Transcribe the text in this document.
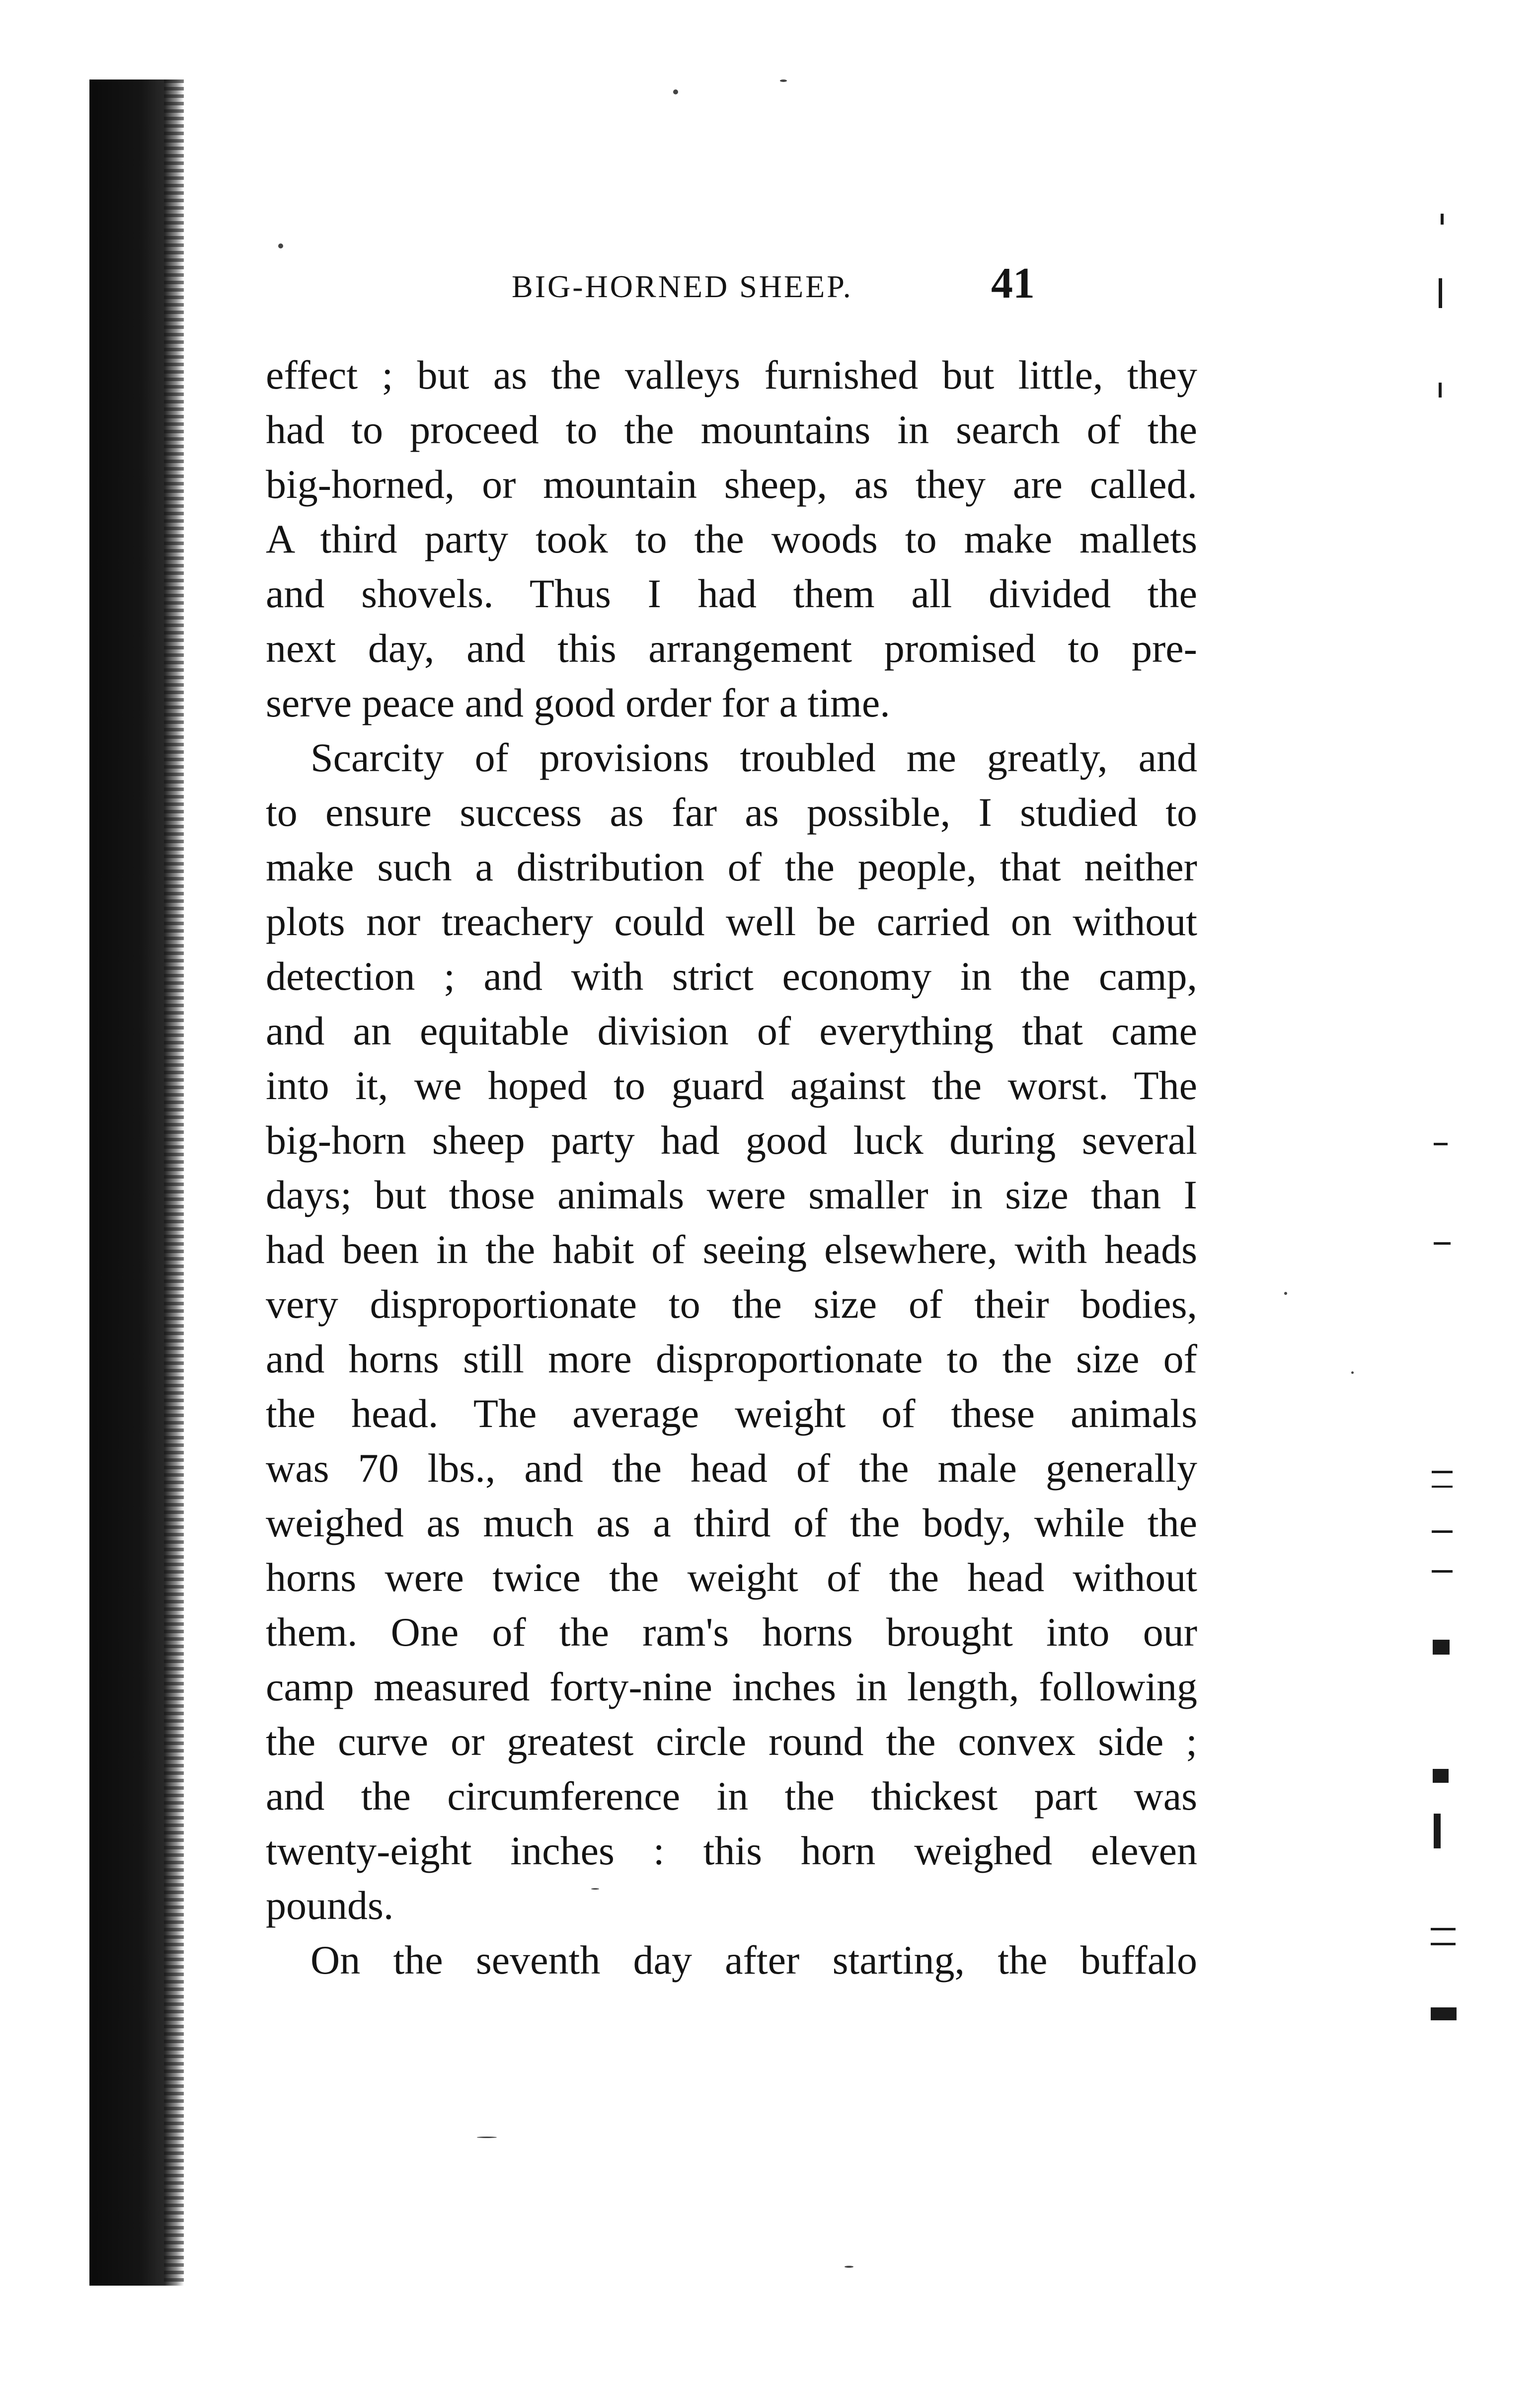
BIG-HORNED SHEEP.	41

effect ; but as the valleys furnished but little, they

had to proceed to the mountains in search of the

big-horned, or mountain sheep, as they are called.

A third party took to the woods to make mallets

and shovels. Thus I had them all divided the

next day, and this arrangement promised to pre-

serve peace and good order for a time.

Scarcity of provisions troubled me greatly, and

to ensure success as far as possible, I studied to

make such a distribution of the people, that neither

plots nor treachery could well be carried on without

detection ; and with strict economy in the camp,

and an equitable division of everything that came

into it, we hoped to guard against the worst. The

big-horn sheep party had good luck during several

days; but those animals were smaller in size than I

had been in the habit of seeing elsewhere, with heads

very disproportionate to the size of their bodies,

and horns still more disproportionate to the size of

the head. The average weight of these animals

was 70 lbs., and the head of the male generally

weighed as much as a third of the body, while the

horns were twice the weight of the head without

them. One of the ram's horns brought into our

camp measured forty-nine inches in length, following

the curve or greatest circle round the convex side ;

and the circumference in the thickest part was

twenty-eight inches : this horn weighed eleven

pounds.

On the seventh day after starting, the buffalo
